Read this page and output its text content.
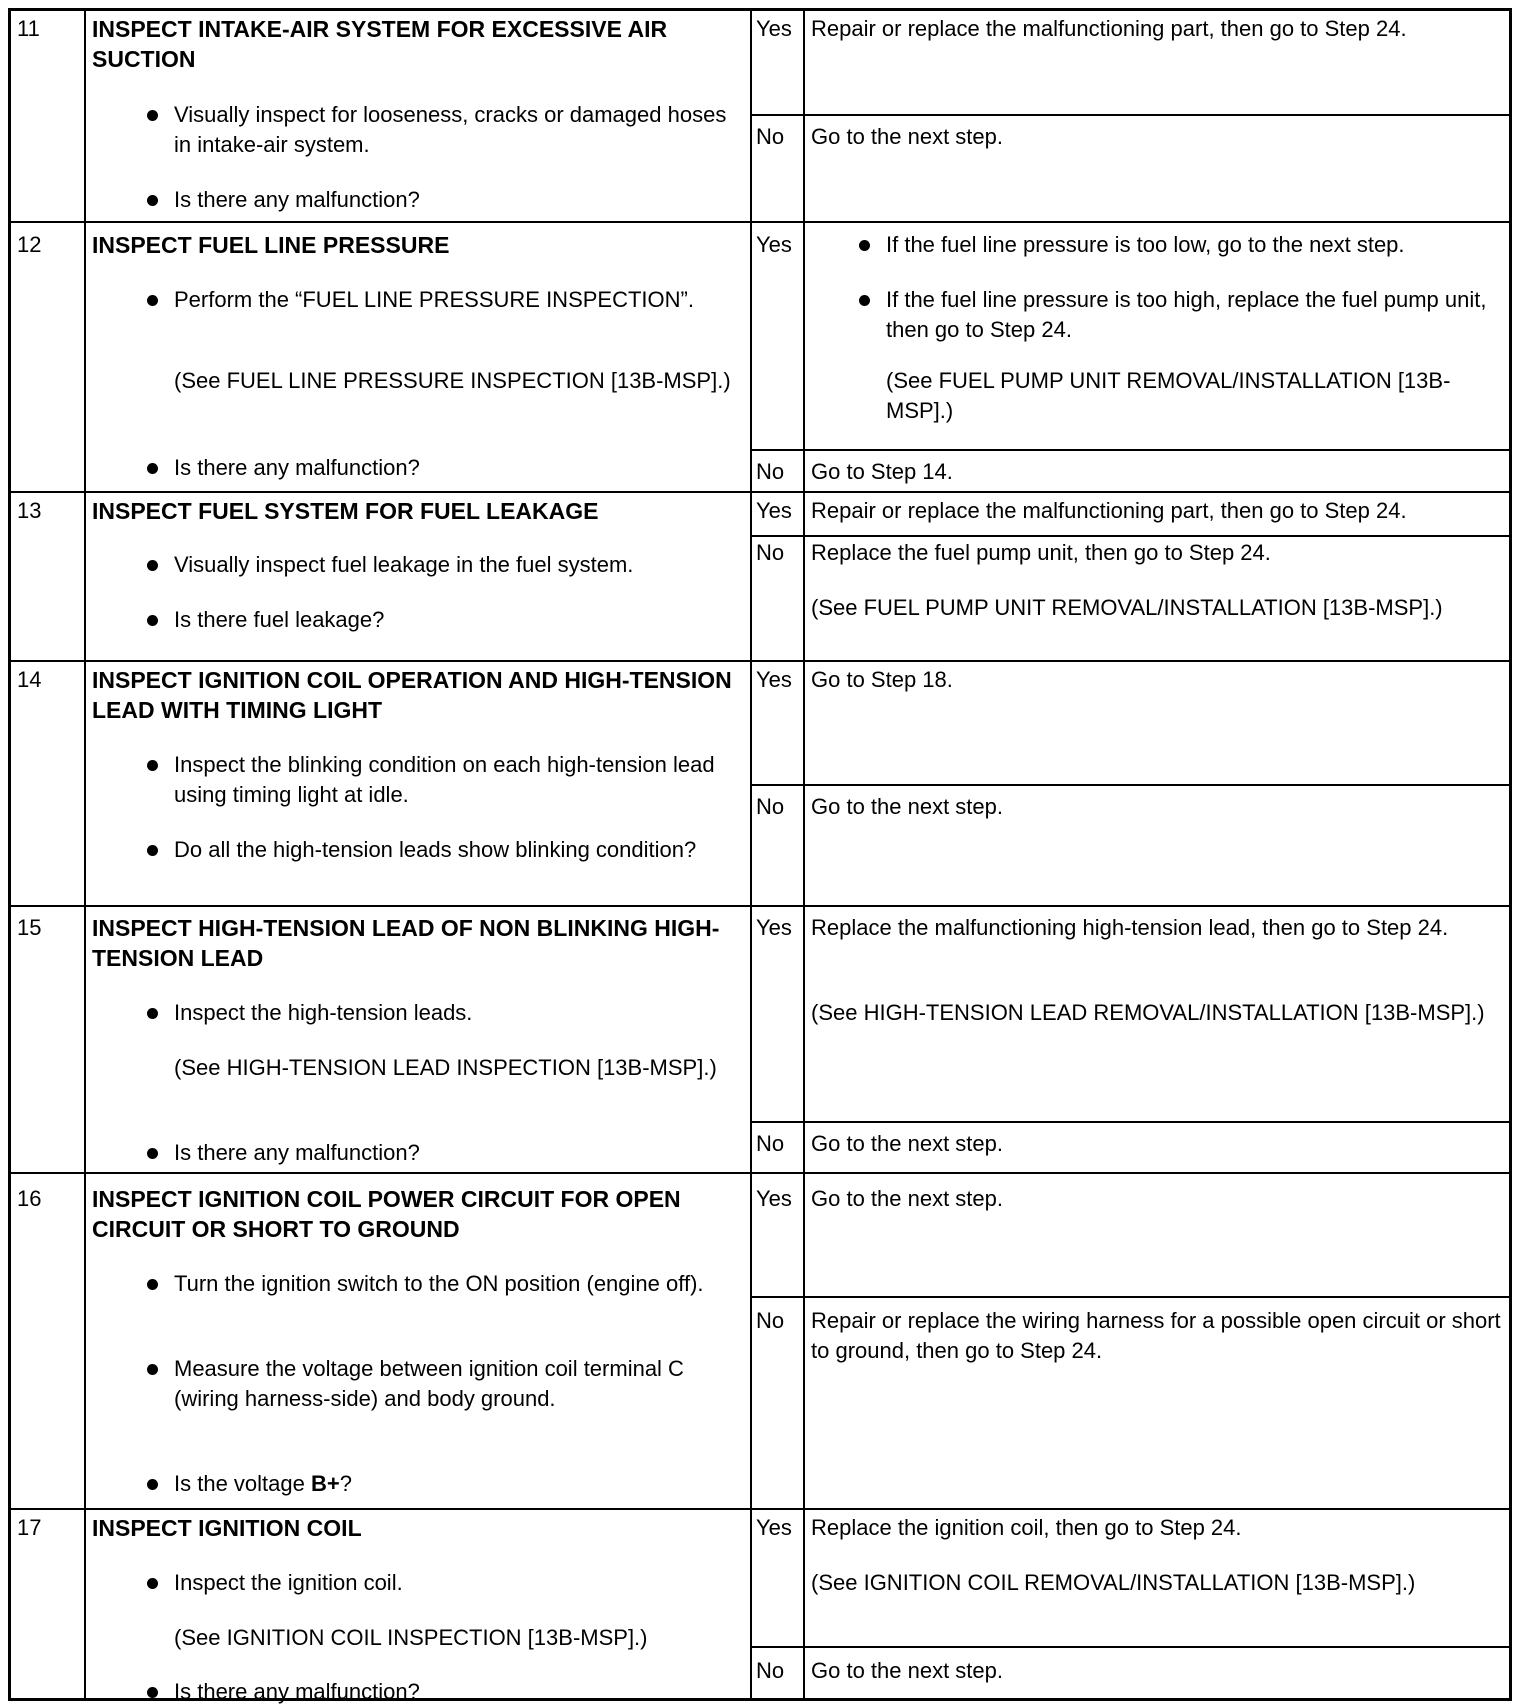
11 INSPECT INTAKE-AIR SYSTEM FOR EXCESSIVE AIR SUCTION
Visually inspect for looseness, cracks or damaged hoses in intake-air system.
Is there any malfunction?
Yes Repair or replace the malfunctioning part, then go to Step 24.
No Go to the next step.
12 INSPECT FUEL LINE PRESSURE
Perform the “FUEL LINE PRESSURE INSPECTION”.
(See FUEL LINE PRESSURE INSPECTION [13B-MSP].)
Is there any malfunction?
Yes	If the fuel line pressure is too low, go to the next step.
If the fuel line pressure is too high, replace the fuel pump unit, then go to Step 24.
(See FUEL PUMP UNIT REMOVAL/INSTALLATION [13B-MSP].)
No Go to Step 14.
13 INSPECT FUEL SYSTEM FOR FUEL LEAKAGE
Visually inspect fuel leakage in the fuel system.
Is there fuel leakage?
Yes Repair or replace the malfunctioning part, then go to Step 24.
No Replace the fuel pump unit, then go to Step 24.
(See FUEL PUMP UNIT REMOVAL/INSTALLATION [13B-MSP].)
14 INSPECT IGNITION COIL OPERATION AND HIGH-TENSION LEAD WITH TIMING LIGHT
Inspect the blinking condition on each high-tension lead using timing light at idle.
Do all the high-tension leads show blinking condition?
Yes Go to Step 18.
No Go to the next step.
15 INSPECT HIGH-TENSION LEAD OF NON BLINKING HIGH-TENSION LEAD
Inspect the high-tension leads.
(See HIGH-TENSION LEAD INSPECTION [13B-MSP].)
Is there any malfunction?
Yes Replace the malfunctioning high-tension lead, then go to Step 24.
(See HIGH-TENSION LEAD REMOVAL/INSTALLATION [13B-MSP].)
No Go to the next step.
16 INSPECT IGNITION COIL POWER CIRCUIT FOR OPEN CIRCUIT OR SHORT TO GROUND
Turn the ignition switch to the ON position (engine off).
Measure the voltage between ignition coil terminal C (wiring harness-side) and body ground.
Is the voltage B+?
Yes Go to the next step.
No Repair or replace the wiring harness for a possible open circuit or short to ground, then go to Step 24.
17 INSPECT IGNITION COIL
Inspect the ignition coil.
(See IGNITION COIL INSPECTION [13B-MSP].)
Is there any malfunction?
Yes Replace the ignition coil, then go to Step 24.
(See IGNITION COIL REMOVAL/INSTALLATION [13B-MSP].)
No Go to the next step.
